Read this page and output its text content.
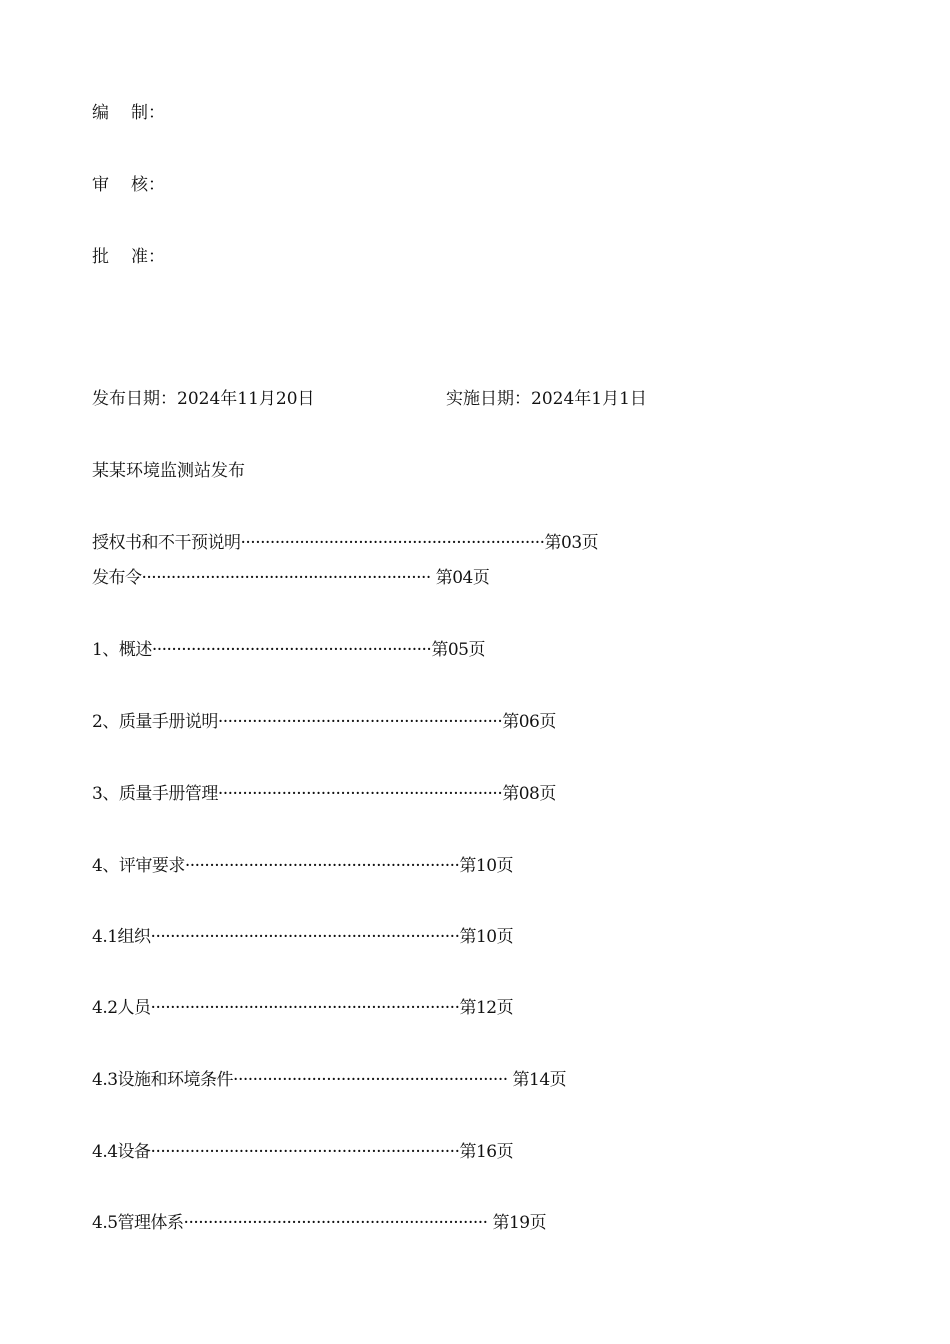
编 制：
审 核：
批 准：
发布日期：2024年11月20日	实施日期：2024年1月1日
某某环境监测站发布
授权书和不干预说明······························································第03页
发布令··························································· 第04页
1、概述·························································第05页
2、质量手册说明··························································第06页
3、质量手册管理··························································第08页
4、评审要求························································第10页
4.1组织·······························································第10页
4.2人员·······························································第12页
4.3设施和环境条件························································ 第14页
4.4设备·······························································第16页
4.5管理体系······························································ 第19页
